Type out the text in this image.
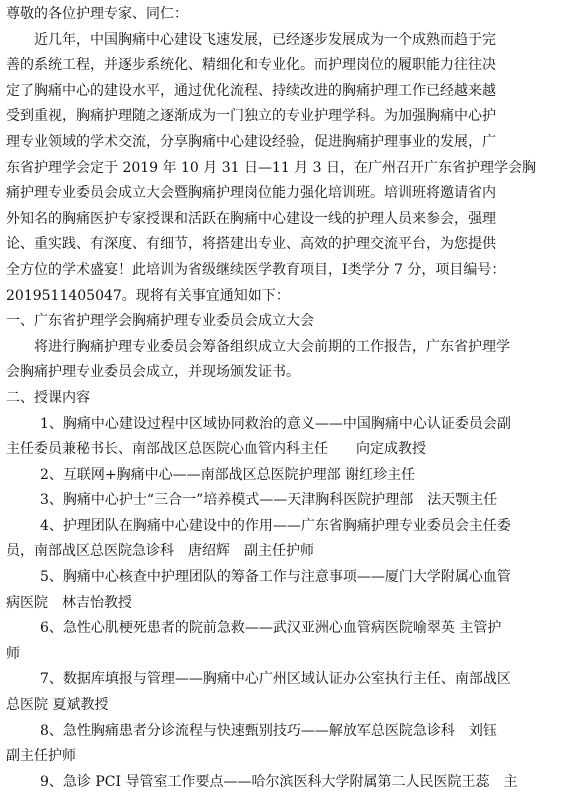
尊敬的各位护理专家、同仁：
近几年，中国胸痛中心建设飞速发展，已经逐步发展成为一个成熟而趋于完
善的系统工程，并逐步系统化、精细化和专业化。而护理岗位的履职能力往往决
定了胸痛中心的建设水平，通过优化流程、持续改进的胸痛护理工作已经越来越
受到重视，胸痛护理随之逐渐成为一门独立的专业护理学科。为加强胸痛中心护
理专业领域的学术交流，分享胸痛中心建设经验，促进胸痛护理事业的发展，广
东省护理学会定于 2019 年 10 月 31 日—11 月 3 日，在广州召开广东省护理学会胸
痛护理专业委员会成立大会暨胸痛护理岗位能力强化培训班。培训班将邀请省内
外知名的胸痛医护专家授课和活跃在胸痛中心建设一线的护理人员来参会，强理
论、重实践、有深度、有细节，将搭建出专业、高效的护理交流平台，为您提供
全方位的学术盛宴！此培训为省级继续医学教育项目，Ⅰ类学分 7 分，项目编号：
2019511405047。现将有关事宜通知如下：
一、广东省护理学会胸痛护理专业委员会成立大会
将进行胸痛护理专业委员会筹备组织成立大会前期的工作报告，广东省护理学
会胸痛护理专业委员会成立，并现场颁发证书。
二、授课内容
1、胸痛中心建设过程中区域协同救治的意义——中国胸痛中心认证委员会副
主任委员兼秘书长、南部战区总医院心血管内科主任 向定成教授
2、互联网+胸痛中心——南部战区总医院护理部 谢红珍主任
3、胸痛中心护士“三合一”培养模式——天津胸科医院护理部 法天颚主任
4、护理团队在胸痛中心建设中的作用——广东省胸痛护理专业委员会主任委
员，南部战区总医院急诊科 唐绍辉　副主任护师
5、胸痛中心核查中护理团队的筹备工作与注意事项——厦门大学附属心血管
病医院 林吉怡教授
6、急性心肌梗死患者的院前急救——武汉亚洲心血管病医院喻翠英 主管护
师
7、数据库填报与管理——胸痛中心广州区域认证办公室执行主任、南部战区
总医院 夏斌教授
8、急性胸痛患者分诊流程与快速甄别技巧——解放军总医院急诊科 刘钰
副主任护师
9、急诊 PCI 导管室工作要点——哈尔滨医科大学附属第二人民医院王蕊　主
